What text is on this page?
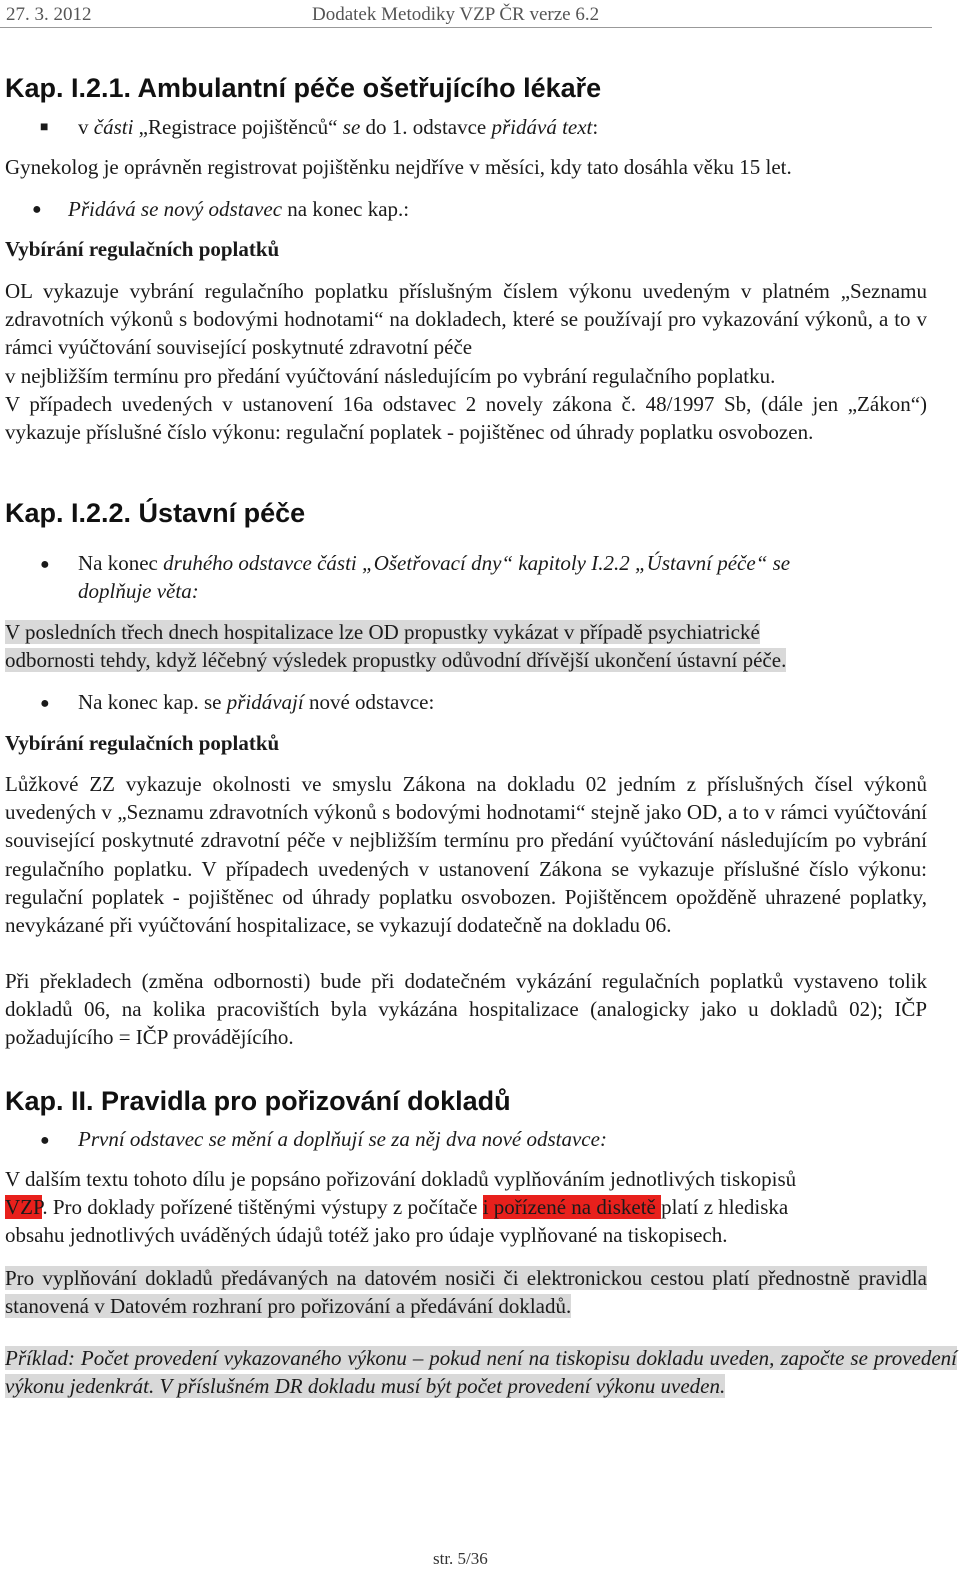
27. 3. 2012	Dodatek Metodiky VZP ČR verze 6.2
Kap. I.2.1. Ambulantní péče ošetřujícího lékaře
■ v části „Registrace pojištěnců“ se do 1. odstavce přidává text:
Gynekolog je oprávněn registrovat pojištěnku nejdříve v měsíci, kdy tato dosáhla věku 15 let.
● Přidává se nový odstavec na konec kap.:
Vybírání regulačních poplatků

OL vykazuje vybrání regulačního poplatku příslušným číslem výkonu uvedeným v platném „Seznamu zdravotních výkonů s bodovými hodnotami“ na dokladech, které se používají pro vykazování výkonů, a to v rámci vyúčtování související poskytnuté zdravotní péče
v nejbližším termínu pro předání vyúčtování následujícím po vybrání regulačního poplatku.
V případech uvedených v ustanovení 16a odstavec 2 novely zákona č. 48/1997 Sb, (dále jen „Zákon“) vykazuje příslušné číslo výkonu: regulační poplatek - pojištěnec od úhrady poplatku osvobozen.

Kap. I.2.2. Ústavní péče
● Na konec druhého odstavce části „Ošetřovací dny“ kapitoly I.2.2 „Ústavní péče“ se
doplňuje věta:
V posledních třech dnech hospitalizace lze OD propustky vykázat v případě psychiatrické
odbornosti tehdy, když léčebný výsledek propustky odůvodní dřívější ukončení ústavní péče.
● Na konec kap. se přidávají nové odstavce:
Vybírání regulačních poplatků

Lůžkové ZZ vykazuje okolnosti ve smyslu Zákona na dokladu 02 jedním z příslušných čísel výkonů uvedených v „Seznamu zdravotních výkonů s bodovými hodnotami“ stejně jako OD, a to v rámci vyúčtování související poskytnuté zdravotní péče v nejbližším termínu pro předání vyúčtování následujícím po vybrání regulačního poplatku. V případech uvedených v ustanovení Zákona se vykazuje příslušné číslo výkonu: regulační poplatek - pojištěnec od úhrady poplatku osvobozen. Pojištěncem opožděně uhrazené poplatky, nevykázané při vyúčtování hospitalizace, se vykazují dodatečně na dokladu 06.

Při překladech (změna odbornosti) bude při dodatečném vykázání regulačních poplatků vystaveno tolik dokladů 06, na kolika pracovištích byla vykázána hospitalizace (analogicky jako u dokladů 02); IČP požadujícího = IČP provádějícího.

Kap. II. Pravidla pro pořizování dokladů
● První odstavec se mění a doplňují se za něj dva nové odstavce:
V dalším textu tohoto dílu je popsáno pořizování dokladů vyplňováním jednotlivých tiskopisů
VZP. Pro doklady pořízené tištěnými výstupy z počítače i pořízené na disketě platí z hlediska
obsahu jednotlivých uváděných údajů totéž jako pro údaje vyplňované na tiskopisech.

Pro vyplňování dokladů předávaných na datovém nosiči či elektronickou cestou platí přednostně pravidla stanovená v Datovém rozhraní pro pořizování a předávání dokladů.

Příklad: Počet provedení vykazovaného výkonu – pokud není na tiskopisu dokladu uveden, započte se provedení výkonu jedenkrát. V příslušném DR dokladu musí být počet provedení výkonu uveden.

str. 5/36
